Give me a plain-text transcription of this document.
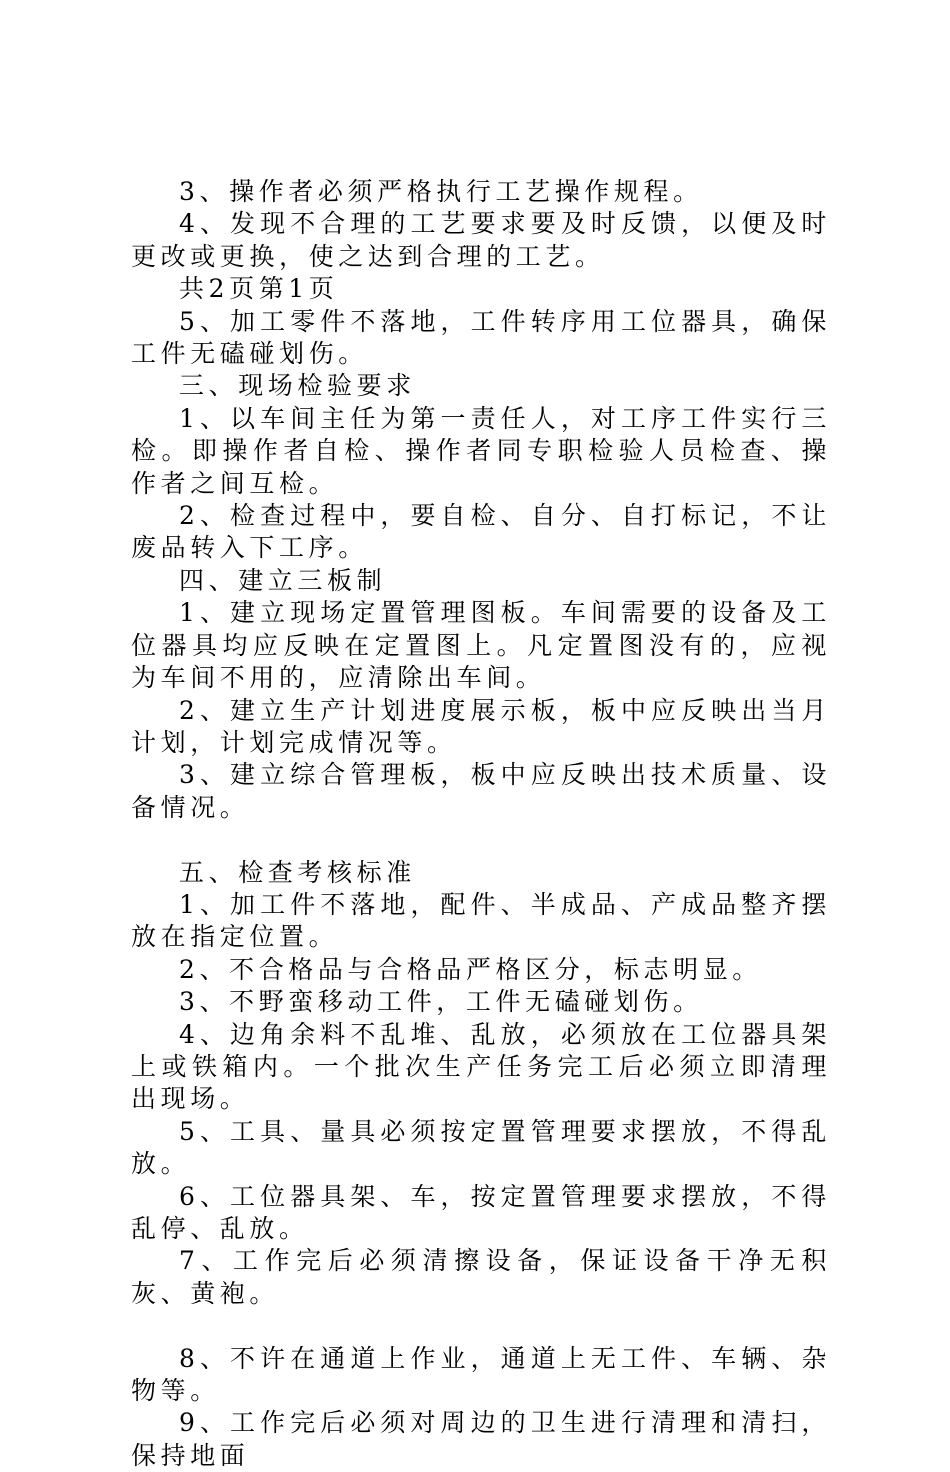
3、操作者必须严格执行工艺操作规程。

4、发现不合理的工艺要求要及时反馈，以便及时更改或更换，使之达到合理的工艺。

共2页第1页

5、加工零件不落地，工件转序用工位器具，确保工件无磕碰划伤。

三、现场检验要求

1、以车间主任为第一责任人，对工序工件实行三检。即操作者自检、操作者同专职检验人员检查、操作者之间互检。

2、检查过程中，要自检、自分、自打标记，不让废品转入下工序。

四、建立三板制

1、建立现场定置管理图板。车间需要的设备及工位器具均应反映在定置图上。凡定置图没有的，应视为车间不用的，应清除出车间。

2、建立生产计划进度展示板，板中应反映出当月计划，计划完成情况等。

3、建立综合管理板，板中应反映出技术质量、设备情况。

五、检查考核标准

1、加工件不落地，配件、半成品、产成品整齐摆放在指定位置。

2、不合格品与合格品严格区分，标志明显。

3、不野蛮移动工件，工件无磕碰划伤。

4、边角余料不乱堆、乱放，必须放在工位器具架上或铁箱内。一个批次生产任务完工后必须立即清理出现场。

5、工具、量具必须按定置管理要求摆放，不得乱放。

6、工位器具架、车，按定置管理要求摆放，不得乱停、乱放。

7、工作完后必须清擦设备，保证设备干净无积灰、黄袍。

8、不许在通道上作业，通道上无工件、车辆、杂物等。

9、工作完后必须对周边的卫生进行清理和清扫，保持地面
